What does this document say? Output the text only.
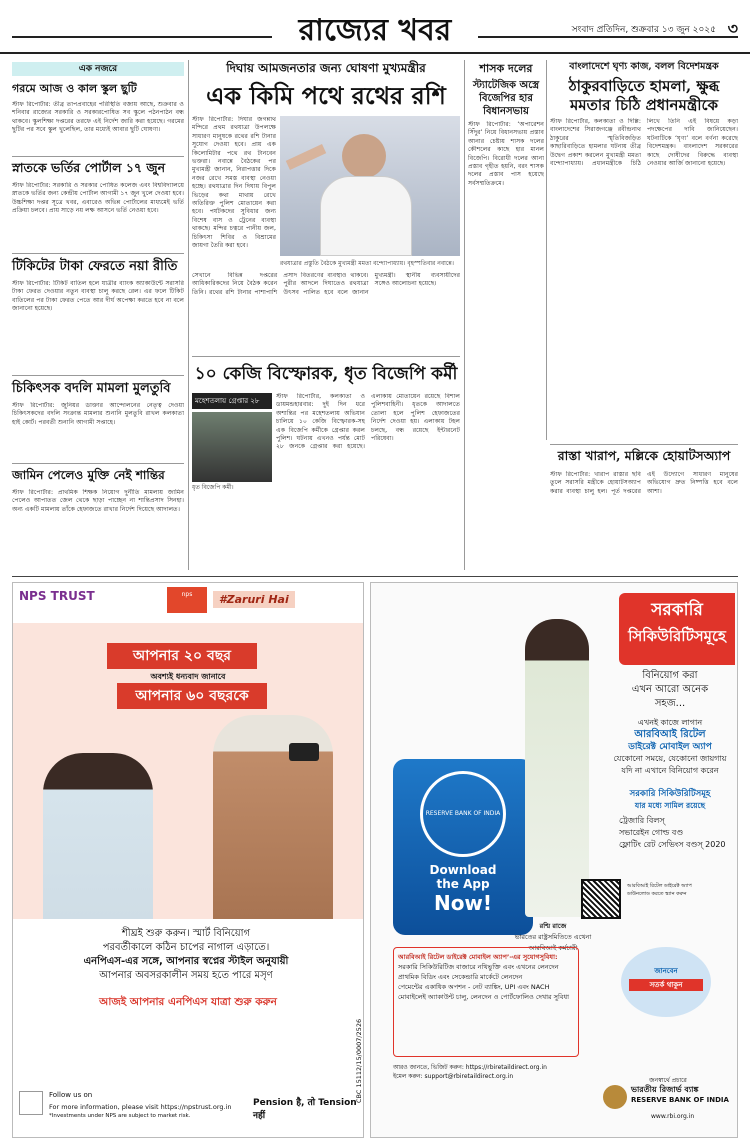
রাজ্যের খবর	সংবাদ প্রতিদিন, শুক্রবার ১৩ জুন ২০২৫ ৩
এক নজরে
গরমে আজ ও কাল স্কুল ছুটি
স্টাফ রিপোর্টার: তীব্র তাপপ্রবাহের পরিস্থিতি বজায় আছে, শুক্রবার ও শনিবার রাজ্যের সরকারি ও সরকারপোষিত সব স্কুলে পঠনপাঠন বন্ধ থাকবে। স্কুলশিক্ষা দপ্তরের তরফে এই নির্দেশ জারি করা হয়েছে। গরমের ছুটির পর সবে স্কুল খুলেছিল, তার মধ্যেই আবার ছুটি ঘোষণা।
স্নাতকে ভর্তির পোর্টাল ১৭ জুন
স্টাফ রিপোর্টার: সরকারি ও সরকার পোষিত কলেজ এবং বিশ্ববিদ্যালয়ে স্নাতকে ভর্তির জন্য কেন্দ্রীয় পোর্টাল আগামী ১৭ জুন খুলে দেওয়া হবে। উচ্চশিক্ষা দপ্তর সূত্রে খবর, এবারেও অভিন্ন পোর্টালের মাধ্যমেই ভর্তি প্রক্রিয়া চলবে। প্রায় সাড়ে নয় লক্ষ আসনে ভর্তি নেওয়া হবে।
টিকিটের টাকা ফেরতে নয়া রীতি
স্টাফ রিপোর্টার: টিকিট বাতিল হলে যাত্রীর ব্যাংক অ্যাকাউন্টে সরাসরি টাকা ফেরত দেওয়ার নতুন ব্যবস্থা চালু করছে রেল। এর ফলে টিকিট বাতিলের পর টাকা ফেরত পেতে আর দীর্ঘ অপেক্ষা করতে হবে না বলে জানানো হয়েছে।
চিকিৎসক বদলি মামলা মুলতুবি
স্টাফ রিপোর্টার: জুনিয়র ডাক্তার আন্দোলনের নেতৃত্ব দেওয়া চিকিৎসকদের বদলি সংক্রান্ত মামলার শুনানি মুলতুবি রাখল কলকাতা হাই কোর্ট। পরবর্তী শুনানি আগামী সপ্তাহে।
জামিন পেলেও মুক্তি নেই শান্তির
স্টাফ রিপোর্টার: প্রাথমিক শিক্ষক নিয়োগ দুর্নীতি মামলায় জামিন পেলেও আপাতত জেল থেকে ছাড়া পাচ্ছেন না শান্তিপ্রসাদ সিনহা। অন্য একটি মামলায় তাঁকে হেফাজতে রাখার নির্দেশ দিয়েছে আদালত।
দিঘায় আমজনতার জন্য ঘোষণা মুখ্যমন্ত্রীর
এক কিমি পথে রথের রশি
স্টাফ রিপোর্টার: দিঘার জগন্নাথ মন্দিরে প্রথম রথযাত্রা উপলক্ষে সাধারণ মানুষকে রথের রশি টানার সুযোগ দেওয়া হবে। প্রায় এক কিলোমিটার পথে রথ টানবেন ভক্তরা। নবান্নে বৈঠকের পর মুখ্যমন্ত্রী জানান, নিরাপত্তার দিকে নজর রেখে সমস্ত ব্যবস্থা নেওয়া হচ্ছে। রথযাত্রার দিন দিঘায় বিপুল ভিড়ের কথা মাথায় রেখে অতিরিক্ত পুলিশ মোতায়েন করা হবে। পর্যটকদের সুবিধার জন্য বিশেষ বাস ও ট্রেনের ব্যবস্থা থাকছে। মন্দির চত্বরে পানীয় জল, চিকিৎসা শিবির ও বিশ্রামের জায়গা তৈরি করা হবে।
রথযাত্রার প্রস্তুতি বৈঠকে মুখ্যমন্ত্রী মমতা বন্দ্যোপাধ্যায়। বৃহস্পতিবার নবান্নে।
সেখানে বিভিন্ন দপ্তরের আধিকারিকদের নিয়ে বৈঠক করেন তিনি। রথের রশি টানার পাশাপাশি প্রসাদ বিতরণের ব্যবস্থাও থাকবে। পুরীর আদলে দিঘাতেও রথযাত্রা উৎসব পালিত হবে বলে জানান মুখ্যমন্ত্রী। স্থানীয় ব্যবসায়ীদের সঙ্গেও আলোচনা হয়েছে।
১০ কেজি বিস্ফোরক, ধৃত বিজেপি কর্মী
মহেশতলায় গ্রেপ্তার ২৮
ধৃত বিজেপি কর্মী।
স্টাফ রিপোর্টার, কলকাতা ও ডায়মন্ডহারবার: দুই দিন ধরে অশান্তির পর মহেশতলায় অভিযান চালিয়ে ১০ কেজি বিস্ফোরক-সহ এক বিজেপি কর্মীকে গ্রেপ্তার করল পুলিশ। ঘটনায় এখনও পর্যন্ত মোট ২৮ জনকে গ্রেপ্তার করা হয়েছে। এলাকায় মোতায়েন রয়েছে বিশাল পুলিশবাহিনী। ধৃতকে আদালতে তোলা হলে পুলিশ হেফাজতের নির্দেশ দেওয়া হয়। এলাকায় টহল চলছে, বন্ধ রয়েছে ইন্টারনেট পরিষেবা।
শাসক দলের
স্ট্যাটেজিক অস্ত্রে বিজেপির হার বিধানসভায়
স্টাফ রিপোর্টার: ‘অপারেশন সিঁদুর’ নিয়ে বিধানসভায় প্রস্তাব আনার চেষ্টায় শাসক দলের কৌশলের কাছে হার মানল বিজেপি। বিরোধী দলের আনা প্রস্তাব গৃহীত হয়নি, বরং শাসক দলের প্রস্তাব পাস হয়েছে সর্বসম্মতিক্রমে।
বাংলাদেশে ঘৃণ্য কাজ, বলল বিদেশমন্ত্রক
ঠাকুরবাড়িতে হামলা, ক্ষুব্ধ মমতার চিঠি প্রধানমন্ত্রীকে
স্টাফ রিপোর্টার, কলকাতা ও দিল্লি: বাংলাদেশের সিরাজগঞ্জে রবীন্দ্রনাথ ঠাকুরের স্মৃতিবিজড়িত কাছারিবাড়িতে হামলার ঘটনায় তীব্র উদ্বেগ প্রকাশ করলেন মুখ্যমন্ত্রী মমতা বন্দ্যোপাধ্যায়। প্রধানমন্ত্রীকে চিঠি লিখে তিনি এই বিষয়ে কড়া পদক্ষেপের দাবি জানিয়েছেন। ঘটনাটিকে ‘ঘৃণ্য’ বলে বর্ণনা করেছে বিদেশমন্ত্রক। বাংলাদেশ সরকারের কাছে দোষীদের বিরুদ্ধে ব্যবস্থা নেওয়ার আর্জি জানানো হয়েছে।
রাস্তা খারাপ, মল্লিকে হোয়াটসঅ্যাপ
স্টাফ রিপোর্টার: খারাপ রাস্তার ছবি তুলে সরাসরি মন্ত্রীকে হোয়াটসঅ্যাপ করার ব্যবস্থা চালু হল। পূর্ত দপ্তরের এই উদ্যোগে সাধারণ মানুষের অভিযোগ দ্রুত নিষ্পত্তি হবে বলে আশা।
NPS TRUST	nps	#Zaruri Hai
আপনার ২০ বছর
অবশ্যই ধন্যবাদ জানাবে
আপনার ৬০ বছরকে
শীঘ্রই শুরু করুন। স্মার্ট বিনিয়োগ
পরবর্তীকালে কঠিন চাপের নাগাল এড়াতে।
এনপিএস-এর সঙ্গে, আপনার স্বপ্নের স্টাইল অনুযায়ী
আপনার অবসরকালীন সময় হতে পারে মসৃণ
আজই আপনার এনপিএস যাত্রা শুরু করুন
Follow us on
For more information, please visit https://npstrust.org.in
*Investments under NPS are subject to market risk.
Pension है, तो Tension नहीं
CBC 15112/15/0007/2526
সরকারি
সিকিউরিটিসমূহে
বিনিয়োগ করা
এখন আরো অনেক
সহজ...
এখনই কাজে লাগান
আরবিআই রিটেল
ডাইরেক্ট মোবাইল অ্যাপ
যেকোনো সময়ে, যেকোনো জায়গায়
যদি না এখানে বিনিয়োগ করেন
সরকারি সিকিউরিটিসমূহ
যার মধ্যে সামিল রয়েছে
ট্রেজারি বিলস্
সভারেইন গোল্ড বণ্ড
ফ্লোটিং রেট সেভিংস বণ্ডস্ 2020
RESERVE BANK OF INDIA
Download
the App
Now!
রশ্মি রাজে
ভারতের রাষ্ট্রসমিতিতে এথেনা আরবিআই কর্মচারী
আরবিআই রিটেল ডাইরেক্ট অ্যাপ ডাউনলোড করতে স্ক্যান করুন
আরবিআই রিটেল ডাইরেক্ট মোবাইল অ্যাপ’-এর সুযোগসুবিধা:
সরকারি সিকিউরিটিজ বাজারে নথিভুক্তি এবং এখনের লেনদেন
প্রাথমিক বিডিং এবং সেকেন্ডারি মার্কেটে লেনদেন
পেমেন্টের একাধিক অপশন - নেট ব্যাঙ্কিং, UPI এবং NACH
মোবাইলেই অ্যাকাউন্ট চালু, লেনদেন ও পোর্টফোলিও দেখার সুবিধা
আরও জানতে, ভিজিট করুন: https://rbiretaildirect.org.in
ইমেল করুন: support@rbiretaildirect.org.in
জানবেন
সতর্ক থাকুন
জনস্বার্থে প্রচারে
ভারতীয় রিজার্ভ ব্যাঙ্ক
RESERVE BANK OF INDIA
www.rbi.org.in
